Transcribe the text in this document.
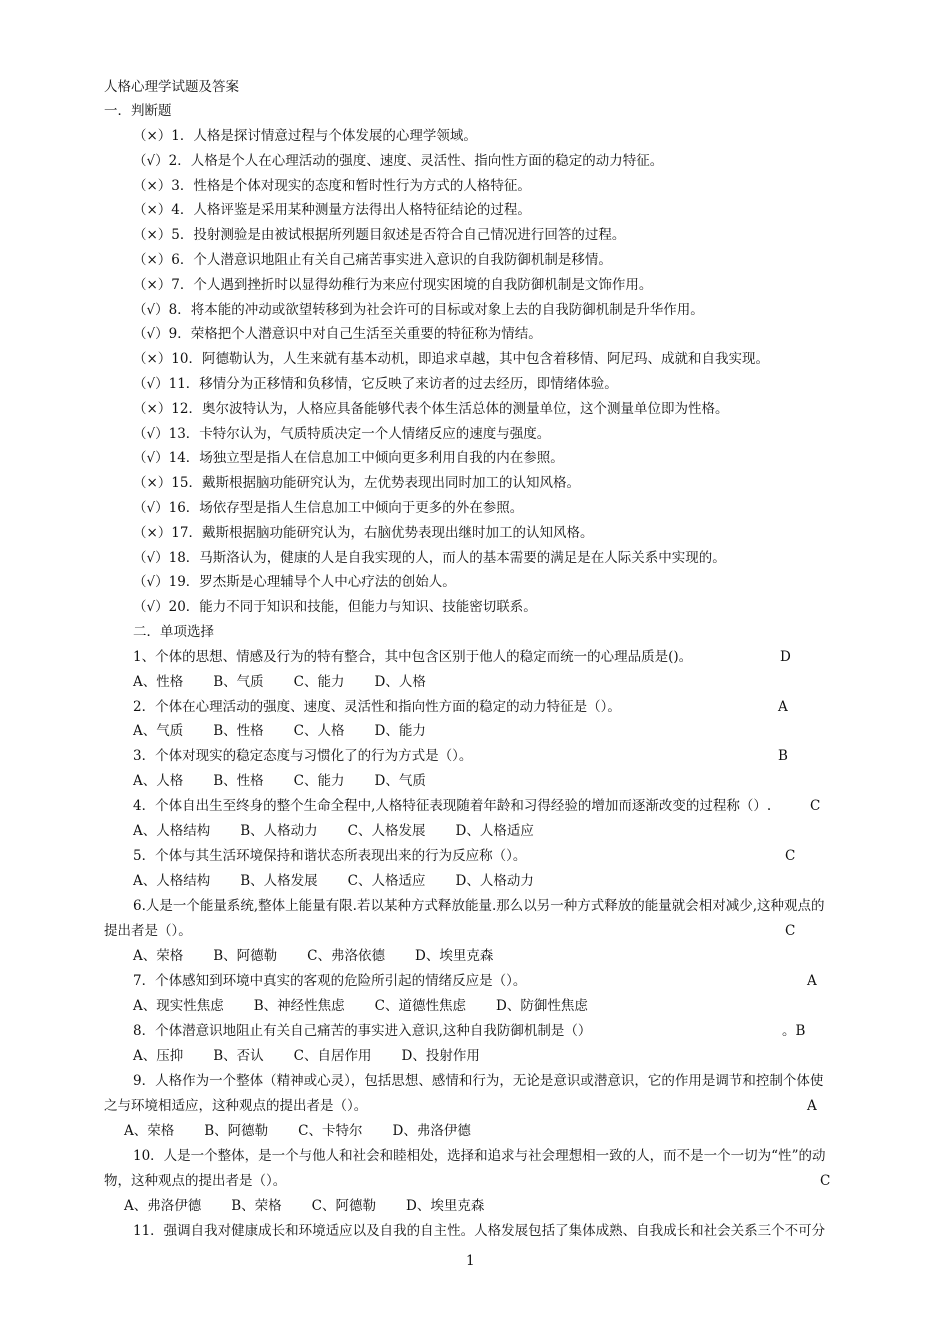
人格心理学试题及答案
一．判断题
（×）1．人格是探讨情意过程与个体发展的心理学领域。
（√）2．人格是个人在心理活动的强度、速度、灵活性、指向性方面的稳定的动力特征。
（×）3．性格是个体对现实的态度和暂时性行为方式的人格特征。
（×）4．人格评鉴是采用某种测量方法得出人格特征结论的过程。
（×）5．投射测验是由被试根据所列题目叙述是否符合自己情况进行回答的过程。
（×）6．个人潜意识地阻止有关自己痛苦事实进入意识的自我防御机制是移情。
（×）7．个人遇到挫折时以显得幼稚行为来应付现实困境的自我防御机制是文饰作用。
（√）8．将本能的冲动或欲望转移到为社会许可的目标或对象上去的自我防御机制是升华作用。
（√）9．荣格把个人潜意识中对自己生活至关重要的特征称为情结。
（×）10．阿德勒认为，人生来就有基本动机，即追求卓越，其中包含着移情、阿尼玛、成就和自我实现。
（√）11．移情分为正移情和负移情，它反映了来访者的过去经历，即情绪体验。
（×）12．奥尔波特认为，人格应具备能够代表个体生活总体的测量单位，这个测量单位即为性格。
（√）13．卡特尔认为，气质特质决定一个人情绪反应的速度与强度。
（√）14．场独立型是指人在信息加工中倾向更多利用自我的内在参照。
（×）15．戴斯根据脑功能研究认为，左优势表现出同时加工的认知风格。
（√）16．场依存型是指人生信息加工中倾向于更多的外在参照。
（×）17．戴斯根据脑功能研究认为，右脑优势表现出继时加工的认知风格。
（√）18．马斯洛认为，健康的人是自我实现的人，而人的基本需要的满足是在人际关系中实现的。
（√）19．罗杰斯是心理辅导个人中心疗法的创始人。
（√）20．能力不同于知识和技能，但能力与知识、技能密切联系。
二．单项选择
1、个体的思想、情感及行为的特有整合，其中包含区别于他人的稳定而统一的心理品质是()。	D
A、性格 B、气质 C、能力 D、人格
2．个体在心理活动的强度、速度、灵活性和指向性方面的稳定的动力特征是（）。	A
A、气质 B、性格 C、人格 D、能力
3．个体对现实的稳定态度与习惯化了的行为方式是（）。	B
A、人格 B、性格 C、能力 D、气质
4．个体自出生至终身的整个生命全程中,人格特征表现随着年龄和习得经验的增加而逐渐改变的过程称（）.	C
A、人格结构 B、人格动力 C、人格发展 D、人格适应
5．个体与其生活环境保持和谐状态所表现出来的行为反应称（）。	C
A、人格结构 B、人格发展 C、人格适应 D、人格动力
6.人是一个能量系统,整体上能量有限.若以某种方式释放能量.那么以另一种方式释放的能量就会相对减少,这种观点的
提出者是（）。	C
A、荣格 B、阿德勒 C、弗洛依德 D、埃里克森
7．个体感知到环境中真实的客观的危险所引起的情绪反应是（）。	A
A、现实性焦虑 B、神经性焦虑 C、道德性焦虑 D、防御性焦虑
8．个体潜意识地阻止有关自己痛苦的事实进入意识,这种自我防御机制是（）	。B
A、压抑 B、否认 C、自居作用 D、投射作用
9．人格作为一个整体（精神或心灵），包括思想、感情和行为，无论是意识或潜意识，它的作用是调节和控制个体使
之与环境相适应，这种观点的提出者是（）。	A
A、荣格 B、阿德勒 C、卡特尔 D、弗洛伊德
10．人是一个整体，是一个与他人和社会和睦相处，选择和追求与社会理想相一致的人，而不是一个一切为“性”的动
物，这种观点的提出者是（）。	C
A、弗洛伊德 B、荣格 C、阿德勒 D、埃里克森
11．强调自我对健康成长和环境适应以及自我的自主性。人格发展包括了集体成熟、自我成长和社会关系三个不可分
1
